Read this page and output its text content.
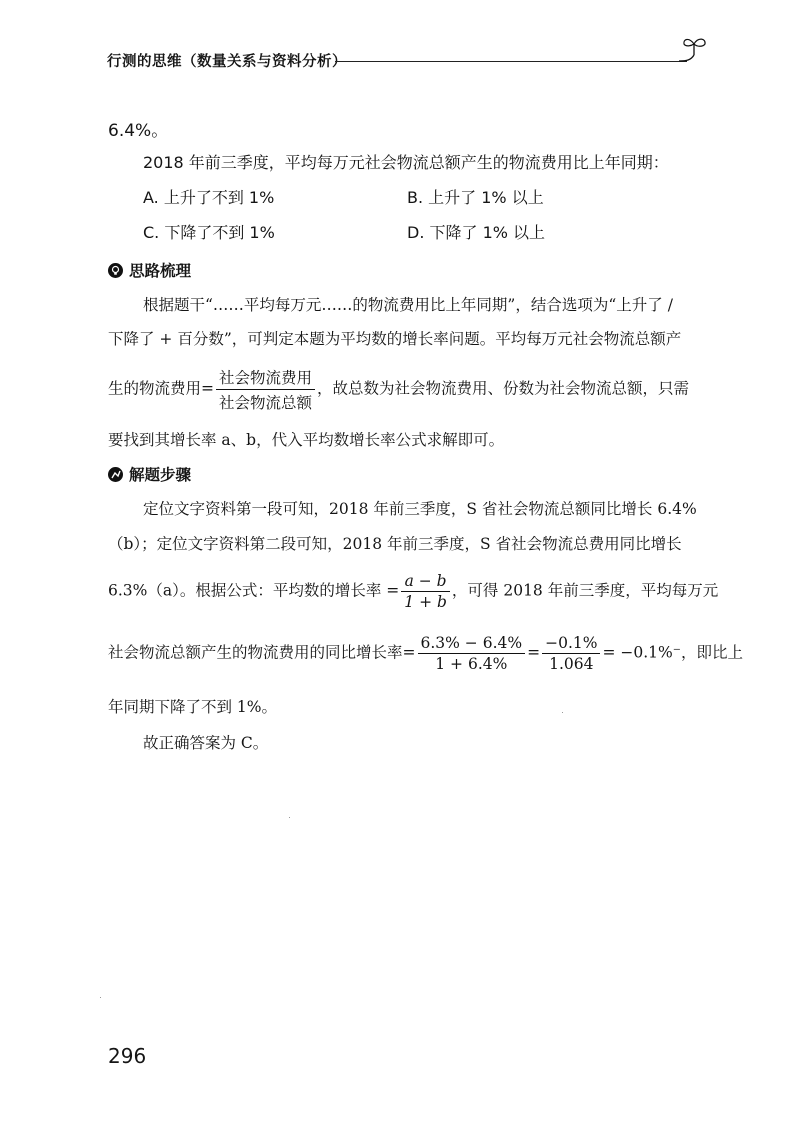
行测的思维（数量关系与资料分析）
6.4%。
2018 年前三季度，平均每万元社会物流总额产生的物流费用比上年同期：
A. 上升了不到 1%	B. 上升了 1% 以上
C. 下降了不到 1%	D. 下降了 1% 以上
思路梳理
根据题干“……平均每万元……的物流费用比上年同期”，结合选项为“上升了 /
下降了 + 百分数”，可判定本题为平均数的增长率问题。平均每万元社会物流总额产
生的物流费用= $\frac{\text{社会物流费用}}{\text{社会物流总额}}$ ，故总数为社会物流费用、份数为社会物流总额，只需
要找到其增长率 a、b，代入平均数增长率公式求解即可。
解题步骤
定位文字资料第一段可知，2018 年前三季度，S 省社会物流总额同比增长 6.4%
（b）；定位文字资料第二段可知，2018 年前三季度，S 省社会物流总费用同比增长
6.3%（a）。根据公式：平均数的增长率 = $\frac{a - b}{1 + b}$ ，可得 2018 年前三季度，平均每万元
社会物流总额产生的物流费用的同比增长率= $\frac{6.3\% - 6.4\%}{1 + 6.4\%} = \frac{-0.1\%}{1.064} = -0.1\%^-$，即比上
年同期下降了不到 1%。
故正确答案为 C。
296
